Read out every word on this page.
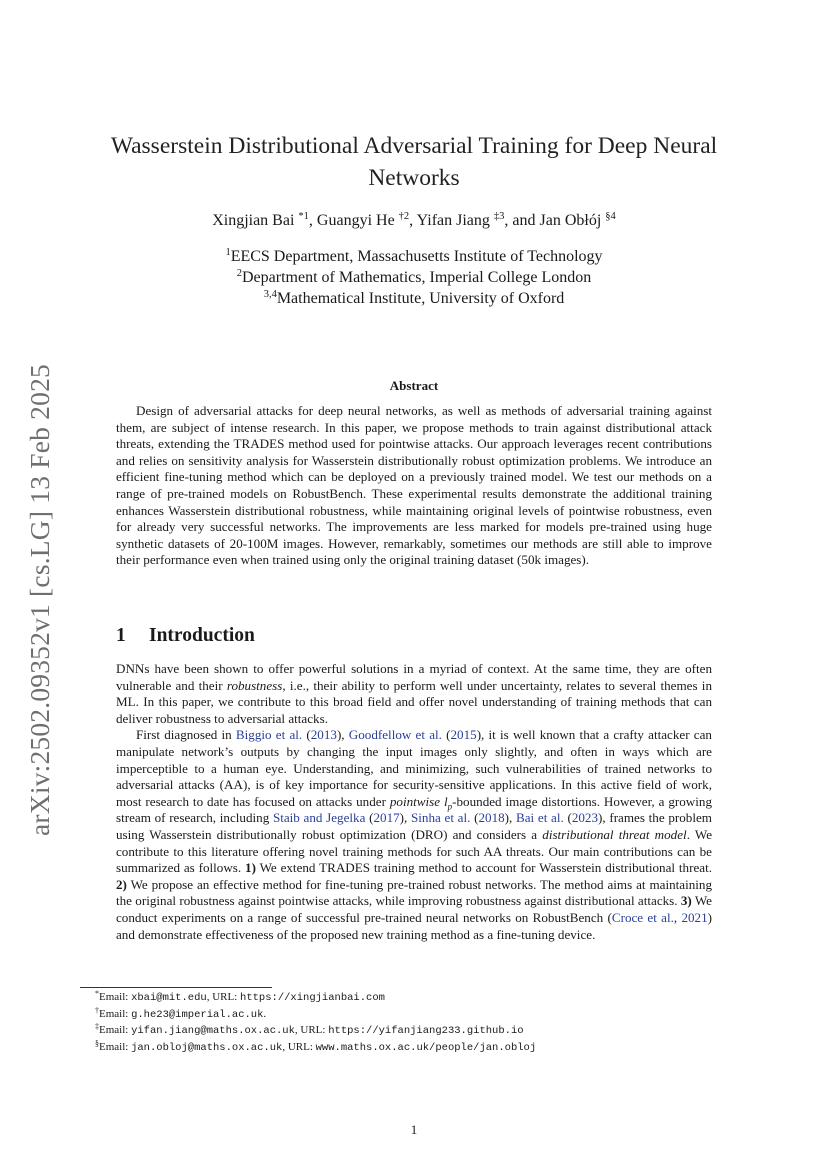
arXiv:2502.09352v1 [cs.LG] 13 Feb 2025
Wasserstein Distributional Adversarial Training for Deep Neural
Networks
Xingjian Bai $^{*1}$, Guangyi He $^{\dagger 2}$, Yifan Jiang $^{\ddagger 3}$, and Jan Obłój $^{\S 4}$
$^1$EECS Department, Massachusetts Institute of Technology
$^2$Department of Mathematics, Imperial College London
$^{3,4}$Mathematical Institute, University of Oxford
Abstract

Design of adversarial attacks for deep neural networks, as well as methods of adversarial training against them, are subject of intense research. In this paper, we propose methods to train against distributional attack threats, extending the TRADES method used for pointwise attacks. Our approach leverages recent contributions and relies on sensitivity analysis for Wasserstein distributionally robust optimization problems. We introduce an efficient fine-tuning method which can be deployed on a previously trained model. We test our methods on a range of pre-trained models on RobustBench. These experimental results demonstrate the additional training enhances Wasserstein distributional robustness, while maintaining original levels of pointwise robustness, even for already very successful networks. The improvements are less marked for models pre-trained using huge synthetic datasets of 20-100M images. However, remarkably, sometimes our methods are still able to improve their performance even when trained using only the original training dataset (50k images).

1 Introduction

DNNs have been shown to offer powerful solutions in a myriad of context. At the same time, they are often vulnerable and their robustness, i.e., their ability to perform well under uncertainty, relates to several themes in ML. In this paper, we contribute to this broad field and offer novel understanding of training methods that can deliver robustness to adversarial attacks.

First diagnosed in Biggio et al. (2013), Goodfellow et al. (2015), it is well known that a crafty attacker can manipulate network’s outputs by changing the input images only slightly, and often in ways which are imperceptible to a human eye. Understanding, and minimizing, such vulnerabilities of trained networks to adversarial attacks (AA), is of key importance for security-sensitive applications. In this active field of work, most research to date has focused on attacks under pointwise $l_p$-bounded image distortions. However, a growing stream of research, including Staib and Jegelka (2017), Sinha et al. (2018), Bai et al. (2023), frames the problem using Wasserstein distributionally robust optimization (DRO) and considers a distributional threat model. We contribute to this literature offering novel training methods for such AA threats. Our main contributions can be summarized as follows. 1) We extend TRADES training method to account for Wasserstein distributional threat. 2) We propose an effective method for fine-tuning pre-trained robust networks. The method aims at maintaining the original robustness against pointwise attacks, while improving robustness against distributional attacks. 3) We conduct experiments on a range of successful pre-trained neural networks on RobustBench (Croce et al., 2021) and demonstrate effectiveness of the proposed new training method as a fine-tuning device.

*Email: xbai@mit.edu, URL: https://xingjianbai.com
†Email: g.he23@imperial.ac.uk.
‡Email: yifan.jiang@maths.ox.ac.uk, URL: https://yifanjiang233.github.io
§Email: jan.obloj@maths.ox.ac.uk, URL: www.maths.ox.ac.uk/people/jan.obloj
1
